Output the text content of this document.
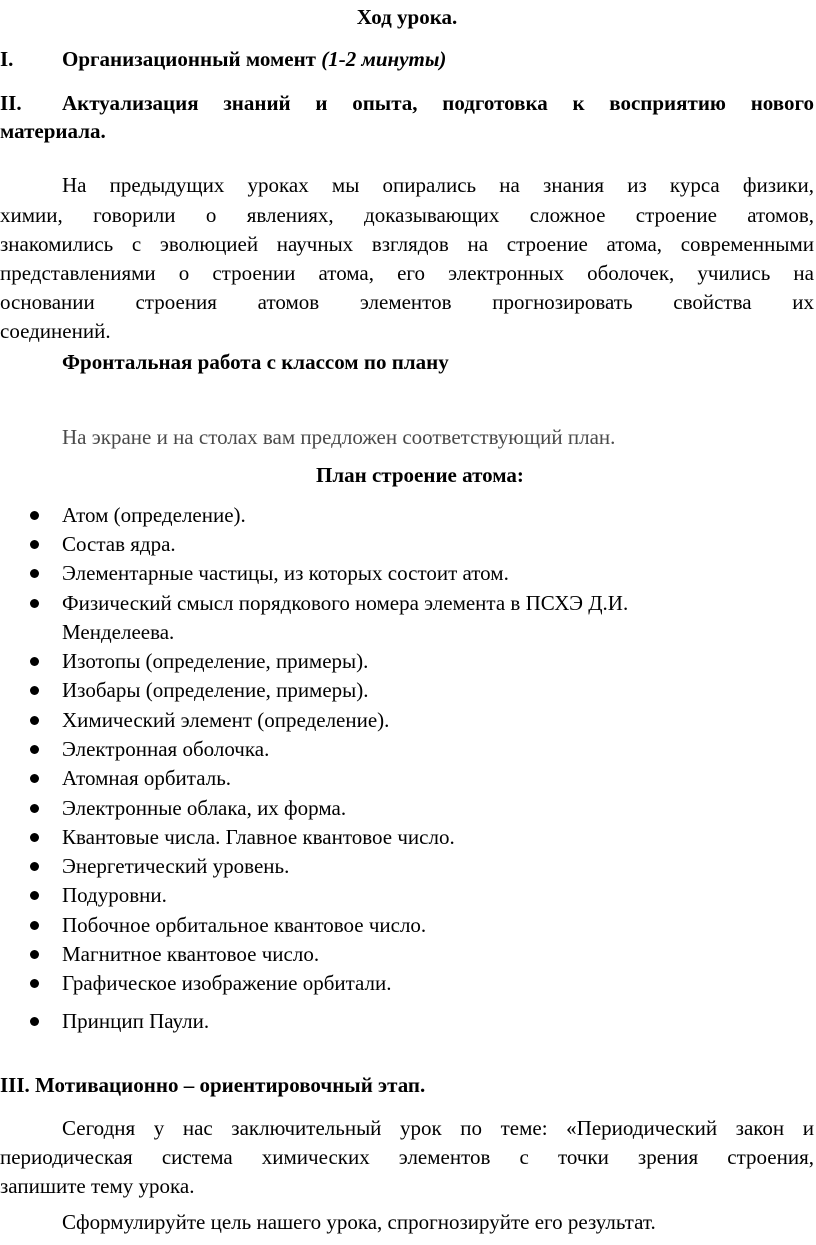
Ход урока.
I. Организационный момент (1-2 минуты)
II. Актуализация знаний и опыта, подготовка к восприятию нового
материала.
На предыдущих уроках мы опирались на знания из курса физики,
химии, говорили о явлениях, доказывающих сложное строение атомов,
знакомились с эволюцией научных взглядов на строение атома, современными
представлениями о строении атома, его электронных оболочек, учились на
основании строения атомов элементов прогнозировать свойства их
соединений.
Фронтальная работа с классом по плану
На экране и на столах вам предложен соответствующий план.
План строение атома:
Атом (определение).
Состав ядра.
Элементарные частицы, из которых состоит атом.
Физический смысл порядкового номера элемента в ПСХЭ Д.И.
Менделеева.
Изотопы (определение, примеры).
Изобары (определение, примеры).
Химический элемент (определение).
Электронная оболочка.
Атомная орбиталь.
Электронные облака, их форма.
Квантовые числа. Главное квантовое число.
Энергетический уровень.
Подуровни.
Побочное орбитальное квантовое число.
Магнитное квантовое число.
Графическое изображение орбитали.
Принцип Паули.
III. Мотивационно – ориентировочный этап.
Сегодня у нас заключительный урок по теме: «Периодический закон и
периодическая система химических элементов с точки зрения строения,
запишите тему урока.
Сформулируйте цель нашего урока, спрогнозируйте его результат.
